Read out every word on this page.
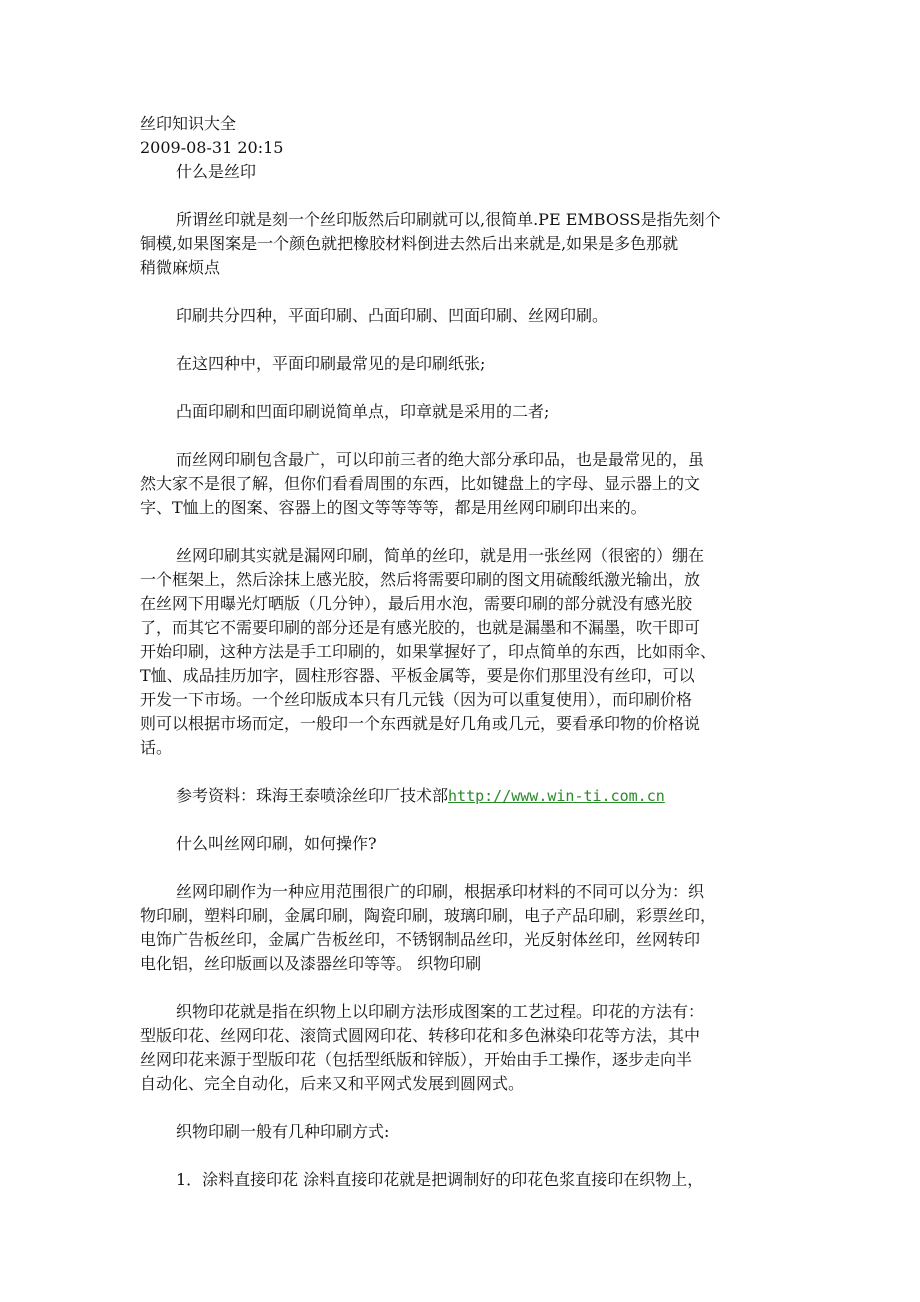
丝印知识大全

2009-08-31 20:15

什么是丝印

所谓丝印就是刻一个丝印版然后印刷就可以,很简单.PE EMBOSS是指先刻个

铜模,如果图案是一个颜色就把橡胶材料倒进去然后出来就是,如果是多色那就

稍微麻烦点

印刷共分四种，平面印刷、凸面印刷、凹面印刷、丝网印刷。

在这四种中，平面印刷最常见的是印刷纸张;

凸面印刷和凹面印刷说简单点，印章就是采用的二者;

而丝网印刷包含最广，可以印前三者的绝大部分承印品，也是最常见的，虽

然大家不是很了解，但你们看看周围的东西，比如键盘上的字母、显示器上的文

字、T恤上的图案、容器上的图文等等等等，都是用丝网印刷印出来的。

丝网印刷其实就是漏网印刷，简单的丝印，就是用一张丝网（很密的）绷在

一个框架上，然后涂抹上感光胶，然后将需要印刷的图文用硫酸纸激光输出，放

在丝网下用曝光灯晒版（几分钟），最后用水泡，需要印刷的部分就没有感光胶

了，而其它不需要印刷的部分还是有感光胶的，也就是漏墨和不漏墨，吹干即可

开始印刷，这种方法是手工印刷的，如果掌握好了，印点简单的东西，比如雨伞、

T恤、成品挂历加字，圆柱形容器、平板金属等，要是你们那里没有丝印，可以

开发一下市场。一个丝印版成本只有几元钱（因为可以重复使用），而印刷价格

则可以根据市场而定，一般印一个东西就是好几角或几元，要看承印物的价格说

话。

参考资料：珠海王泰喷涂丝印厂技术部http://www.win-ti.com.cn

什么叫丝网印刷，如何操作?

丝网印刷作为一种应用范围很广的印刷，根据承印材料的不同可以分为：织

物印刷，塑料印刷，金属印刷，陶瓷印刷，玻璃印刷，电子产品印刷，彩票丝印，

电饰广告板丝印，金属广告板丝印，不锈钢制品丝印，光反射体丝印，丝网转印

电化铝，丝印版画以及漆器丝印等等。 织物印刷

织物印花就是指在织物上以印刷方法形成图案的工艺过程。印花的方法有：

型版印花、丝网印花、滚筒式圆网印花、转移印花和多色淋染印花等方法，其中

丝网印花来源于型版印花（包括型纸版和锌版），开始由手工操作，逐步走向半

自动化、完全自动化，后来又和平网式发展到圆网式。

织物印刷一般有几种印刷方式:

1．涂料直接印花 涂料直接印花就是把调制好的印花色浆直接印在织物上，
